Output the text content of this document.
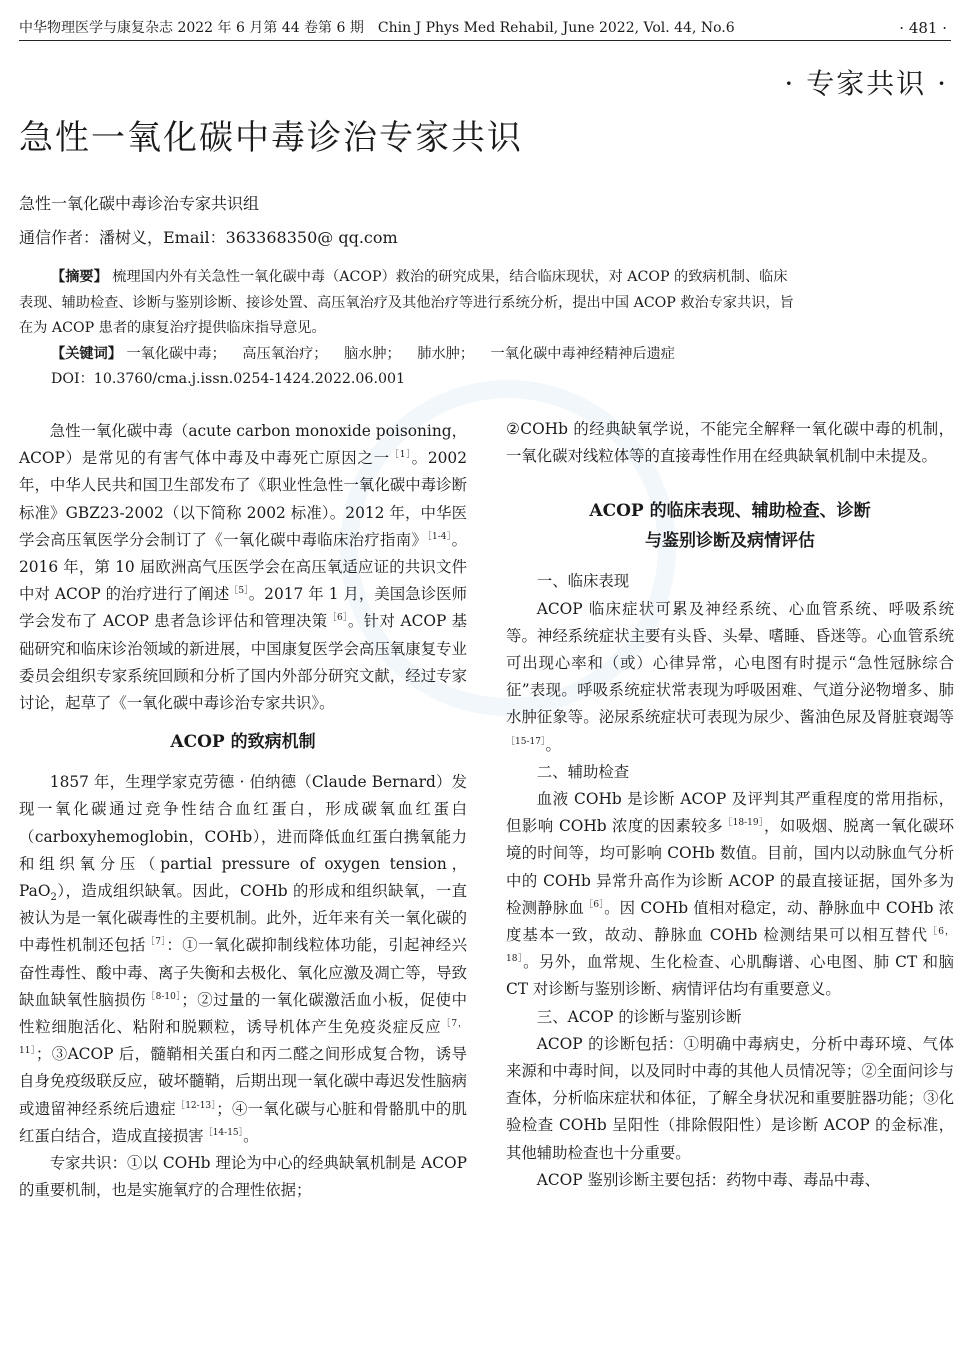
中华物理医学与康复杂志 2022 年 6 月第 44 卷第 6 期　Chin J Phys Med Rehabil, June 2022, Vol. 44, No.6	· 481 ·
· 专家共识 ·
急性一氧化碳中毒诊治专家共识
急性一氧化碳中毒诊治专家共识组
通信作者：潘树义，Email：363368350@ qq.com

【摘要】 梳理国内外有关急性一氧化碳中毒（ACOP）救治的研究成果，结合临床现状，对 ACOP 的致病机制、临床表现、辅助检查、诊断与鉴别诊断、接诊处置、高压氧治疗及其他治疗等进行系统分析，提出中国 ACOP 救治专家共识，旨在为 ACOP 患者的康复治疗提供临床指导意见。

【关键词】 一氧化碳中毒； 高压氧治疗； 脑水肿； 肺水肿； 一氧化碳中毒神经精神后遗症

DOI：10.3760/cma.j.issn.0254-1424.2022.06.001

急性一氧化碳中毒（acute carbon monoxide poisoning，ACOP）是常见的有害气体中毒及中毒死亡原因之一$^{[1]}$。2002 年，中华人民共和国卫生部发布了《职业性急性一氧化碳中毒诊断标准》GBZ23-2002（以下简称 2002 标准）。2012 年，中华医学会高压氧医学分会制订了《一氧化碳中毒临床治疗指南》$^{[1-4]}$。2016 年，第 10 届欧洲高气压医学会在高压氧适应证的共识文件中对 ACOP 的治疗进行了阐述$^{[5]}$。2017 年 1 月，美国急诊医师学会发布了 ACOP 患者急诊评估和管理决策$^{[6]}$。针对 ACOP 基础研究和临床诊治领域的新进展，中国康复医学会高压氧康复专业委员会组织专家系统回顾和分析了国内外部分研究文献，经过专家讨论，起草了《一氧化碳中毒诊治专家共识》。

ACOP 的致病机制

1857 年，生理学家克劳德 · 伯纳德（Claude Bernard）发现一氧化碳通过竞争性结合血红蛋白，形成碳氧血红蛋白（carboxyhemoglobin，COHb），进而降低血红蛋白携氧能力和组织氧分压（partial pressure of oxygen tension，PaO$_2$），造成组织缺氧。因此，COHb 的形成和组织缺氧，一直被认为是一氧化碳毒性的主要机制。此外，近年来有关一氧化碳的中毒性机制还包括$^{[7]}$：①一氧化碳抑制线粒体功能，引起神经兴奋性毒性、酸中毒、离子失衡和去极化、氧化应激及凋亡等，导致缺血缺氧性脑损伤$^{[8-10]}$；②过量的一氧化碳激活血小板，促使中性粒细胞活化、粘附和脱颗粒，诱导机体产生免疫炎症反应$^{[7,11]}$；③ACOP 后，髓鞘相关蛋白和丙二醛之间形成复合物，诱导自身免疫级联反应，破坏髓鞘，后期出现一氧化碳中毒迟发性脑病或遗留神经系统后遗症$^{[12-13]}$；④一氧化碳与心脏和骨骼肌中的肌红蛋白结合，造成直接损害$^{[14-15]}$。

专家共识：①以 COHb 理论为中心的经典缺氧机制是 ACOP 的重要机制，也是实施氧疗的合理性依据；

②COHb 的经典缺氧学说，不能完全解释一氧化碳中毒的机制，一氧化碳对线粒体等的直接毒性作用在经典缺氧机制中未提及。

ACOP 的临床表现、辅助检查、诊断
与鉴别诊断及病情评估
一、临床表现

ACOP 临床症状可累及神经系统、心血管系统、呼吸系统等。神经系统症状主要有头昏、头晕、嗜睡、昏迷等。心血管系统可出现心率和（或）心律异常，心电图有时提示“急性冠脉综合征”表现。呼吸系统症状常表现为呼吸困难、气道分泌物增多、肺水肿征象等。泌尿系统症状可表现为尿少、酱油色尿及肾脏衰竭等$^{[15-17]}$。

二、辅助检查

血液 COHb 是诊断 ACOP 及评判其严重程度的常用指标，但影响 COHb 浓度的因素较多$^{[18-19]}$，如吸烟、脱离一氧化碳环境的时间等，均可影响 COHb 数值。目前，国内以动脉血气分析中的 COHb 异常升高作为诊断 ACOP 的最直接证据，国外多为检测静脉血$^{[6]}$。因 COHb 值相对稳定，动、静脉血中 COHb 浓度基本一致，故动、静脉血 COHb 检测结果可以相互替代$^{[6,18]}$。另外，血常规、生化检查、心肌酶谱、心电图、肺 CT 和脑 CT 对诊断与鉴别诊断、病情评估均有重要意义。

三、ACOP 的诊断与鉴别诊断

ACOP 的诊断包括：①明确中毒病史，分析中毒环境、气体来源和中毒时间，以及同时中毒的其他人员情况等；②全面问诊与查体，分析临床症状和体征，了解全身状况和重要脏器功能；③化验检查 COHb 呈阳性（排除假阳性）是诊断 ACOP 的金标准，其他辅助检查也十分重要。

ACOP 鉴别诊断主要包括：药物中毒、毒品中毒、
